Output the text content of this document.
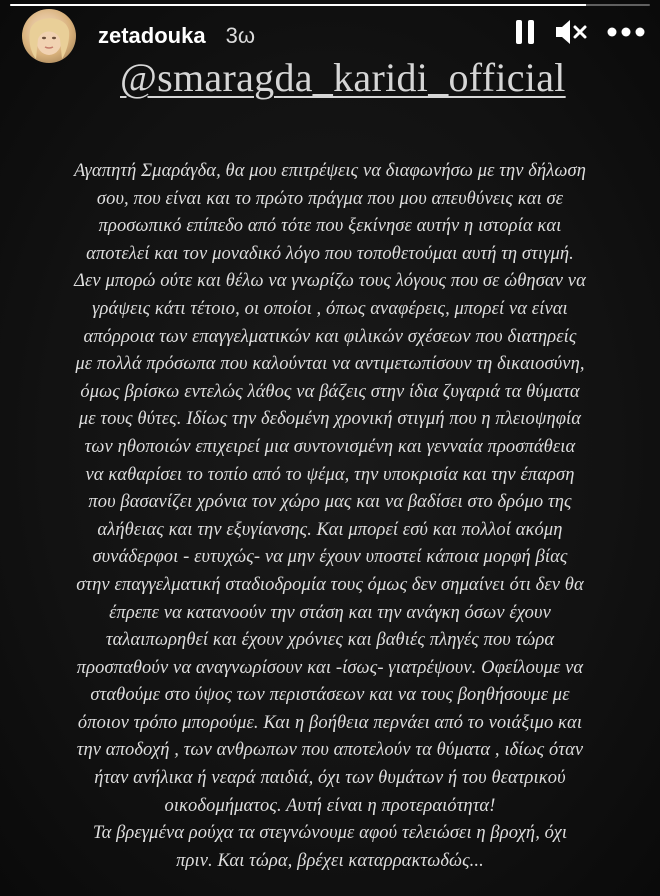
zetadouka 3ω
@smaragda_karidi_official
Αγαπητή Σμαράγδα, θα μου επιτρέψεις να διαφωνήσω με την δήλωση
σου, που είναι και το πρώτο πράγμα που μου απευθύνεις και σε
προσωπικό επίπεδο από τότε που ξεκίνησε αυτήν η ιστορία και
αποτελεί και τον μοναδικό λόγο που τοποθετούμαι αυτή τη στιγμή.
Δεν μπορώ ούτε και θέλω να γνωρίζω τους λόγους που σε ώθησαν να
γράψεις κάτι τέτοιο, οι οποίοι , όπως αναφέρεις, μπορεί να είναι
απόρροια των επαγγελματικών και φιλικών σχέσεων που διατηρείς
με πολλά πρόσωπα που καλούνται να αντιμετωπίσουν τη δικαιοσύνη,
όμως βρίσκω εντελώς λάθος να βάζεις στην ίδια ζυγαριά τα θύματα
με τους θύτες. Ιδίως την δεδομένη χρονική στιγμή που η πλειοψηφία
των ηθοποιών επιχειρεί μια συντονισμένη και γενναία προσπάθεια
να καθαρίσει το τοπίο από το ψέμα, την υποκρισία και την έπαρση
που βασανίζει χρόνια τον χώρο μας και να βαδίσει στο δρόμο της
αλήθειας και την εξυγίανσης. Και μπορεί εσύ και πολλοί ακόμη
συνάδερφοι - ευτυχώς- να μην έχουν υποστεί κάποια μορφή βίας
στην επαγγελματική σταδιοδρομία τους όμως δεν σημαίνει ότι δεν θα
έπρεπε να κατανοούν την στάση και την ανάγκη όσων έχουν
ταλαιπωρηθεί και έχουν χρόνιες και βαθιές πληγές που τώρα
προσπαθούν να αναγνωρίσουν και -ίσως- γιατρέψουν. Οφείλουμε να
σταθούμε στο ύψος των περιστάσεων και να τους βοηθήσουμε με
όποιον τρόπο μπορούμε. Και η βοήθεια περνάει από το νοιάξιμο και
την αποδοχή , των ανθρωπων που αποτελούν τα θύματα , ιδίως όταν
ήταν ανήλικα ή νεαρά παιδιά, όχι των θυμάτων ή του θεατρικού
οικοδομήματος. Αυτή είναι η προτεραιότητα!
Τα βρεγμένα ρούχα τα στεγνώνουμε αφού τελειώσει η βροχή, όχι
πριν. Και τώρα, βρέχει καταρρακτωδώς...
